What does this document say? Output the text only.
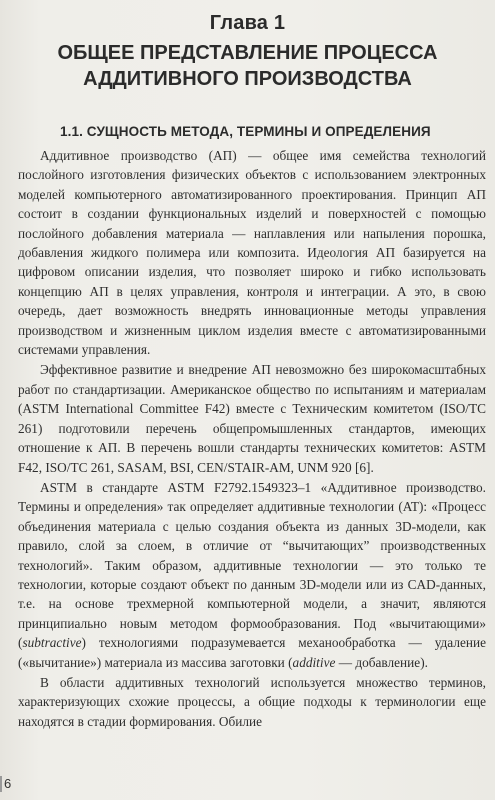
Глава 1
ОБЩЕЕ ПРЕДСТАВЛЕНИЕ ПРОЦЕССА
АДДИТИВНОГО ПРОИЗВОДСТВА
1.1. СУЩНОСТЬ МЕТОДА, ТЕРМИНЫ И ОПРЕДЕЛЕНИЯ

Аддитивное производство (АП) — общее имя семейства технологий послойного изготовления физических объектов с использованием электронных моделей компьютерного автоматизированного проектирования. Принцип АП состоит в создании функциональных изделий и поверхностей с помощью послойного добавления материала — наплавления или напыления порошка, добавления жидкого полимера или композита. Идеология АП базируется на цифровом описании изделия, что позволяет широко и гибко использовать концепцию АП в целях управления, контроля и интеграции. А это, в свою очередь, дает возможность внедрять инновационные методы управления производством и жизненным циклом изделия вместе с автоматизированными системами управления.

Эффективное развитие и внедрение АП невозможно без широкомасштабных работ по стандартизации. Американское общество по испытаниям и материалам (ASTM International Committee F42) вместе с Техническим комитетом (ISO/TC 261) подготовили перечень общепромышленных стандартов, имеющих отношение к АП. В перечень вошли стандарты технических комитетов: ASTM F42, ISO/TC 261, SASAM, BSI, CEN/STAIR-AM, UNM 920 [6].

ASTM в стандарте ASTM F2792.1549323–1 «Аддитивное производство. Термины и определения» так определяет аддитивные технологии (AT): «Процесс объединения материала с целью создания объекта из данных 3D-модели, как правило, слой за слоем, в отличие от “вычитающих” производственных технологий». Таким образом, аддитивные технологии — это только те технологии, которые создают объект по данным 3D-модели или из CAD-данных, т.е. на основе трехмерной компьютерной модели, а значит, являются принципиально новым методом формообразования. Под «вычитающими» (subtractive) технологиями подразумевается механообработка — удаление («вычитание») материала из массива заготовки (additive — добавление).

В области аддитивных технологий используется множество терминов, характеризующих схожие процессы, а общие подходы к терминологии еще находятся в стадии формирования. Обилие

6
